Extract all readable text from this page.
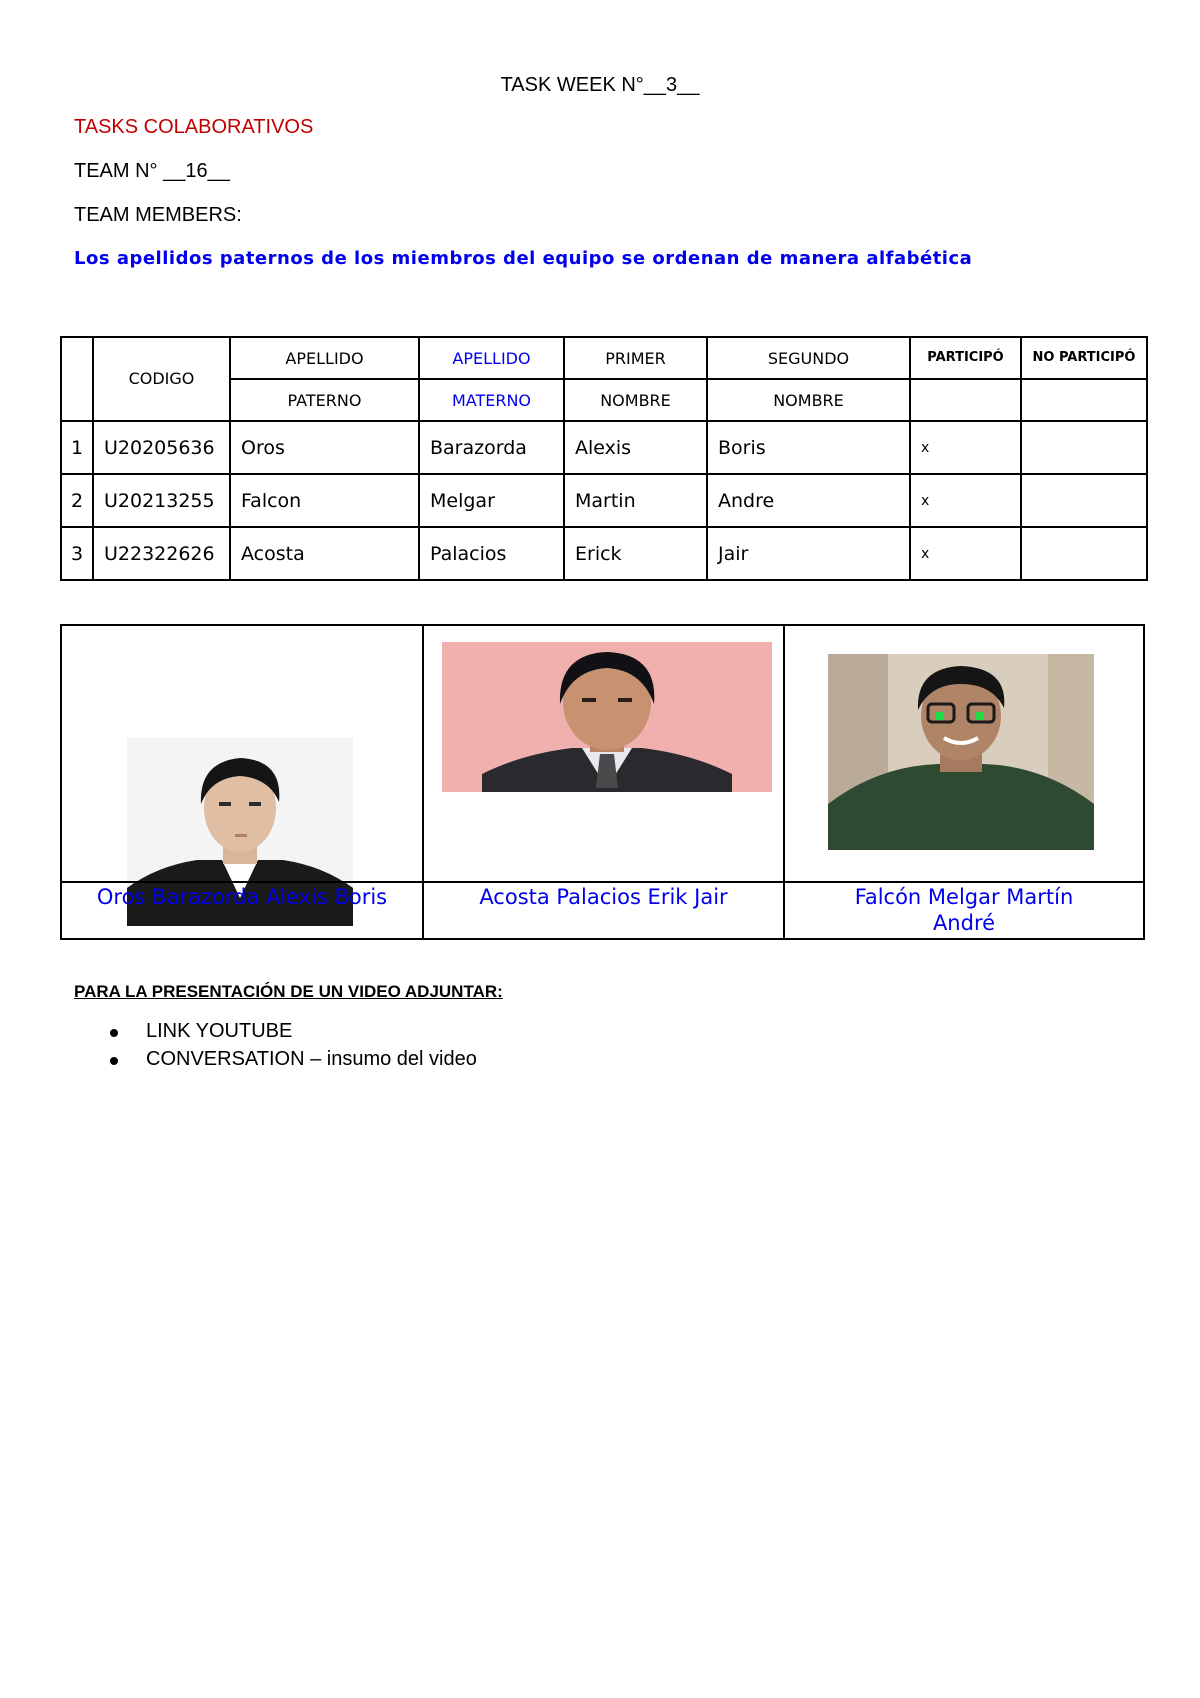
TASK WEEK N°__3__
TASKS COLABORATIVOS
TEAM N° __16__
TEAM MEMBERS:
Los apellidos paternos de los miembros del equipo se ordenan de manera alfabética
	CODIGO	APELLIDO	APELLIDO	PRIMER	SEGUNDO	PARTICIPÓ	NO PARTICIPÓ
		PATERNO	MATERNO	NOMBRE	NOMBRE		
1	U20205636	Oros	Barazorda	Alexis	Boris	x	
2	U20213255	Falcon	Melgar	Martin	Andre	x	
3	U22322626	Acosta	Palacios	Erick	Jair	x	
Oros Barazorda Alexis Boris	Acosta Palacios Erik Jair	Falcón Melgar Martín André
PARA LA PRESENTACIÓN DE UN VIDEO ADJUNTAR:
LINK YOUTUBE
CONVERSATION – insumo del video
